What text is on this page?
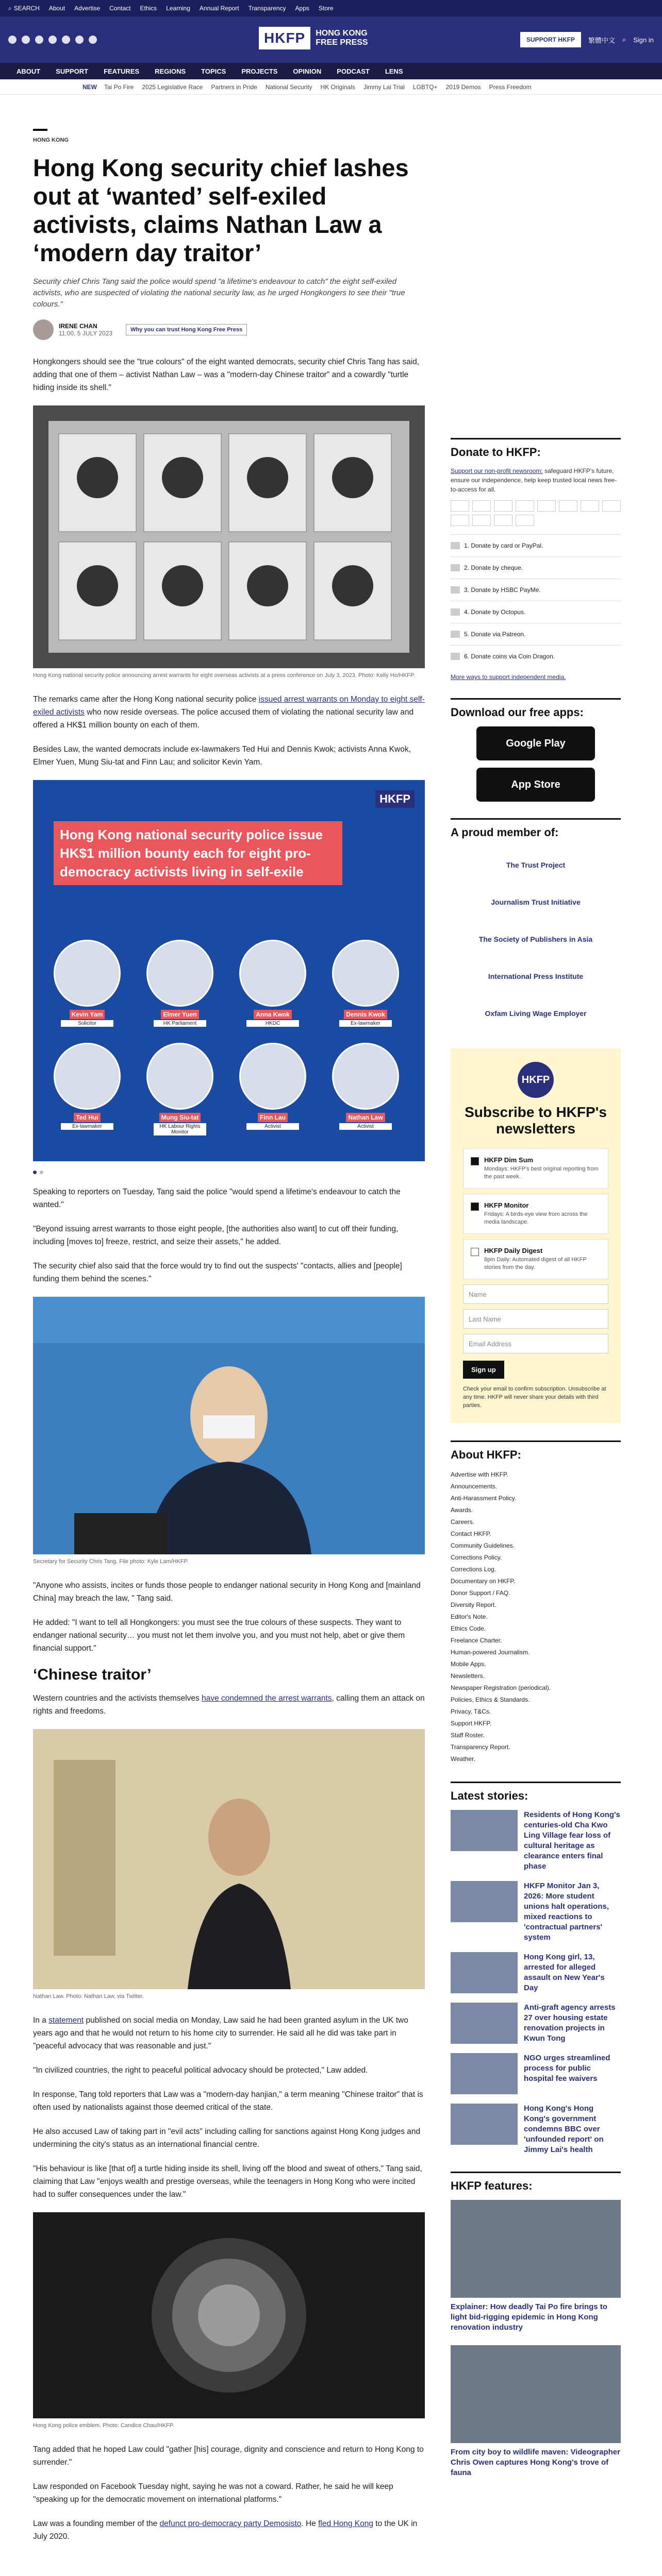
⌕ SEARCH About Advertise Contact Ethics Learning Annual Report Transparency Apps Store
HKFP	HONG KONG
FREE PRESS	SUPPORT HKFP	繁體中文 ⌕ Sign in
ABOUT SUPPORT FEATURES REGIONS TOPICS PROJECTS OPINION PODCAST LENS
NEW Tai Po Fire 2025 Legislative Race Partners in Pride National Security HK Originals Jimmy Lai Trial LGBTQ+ 2019 Demos Press Freedom
HONG KONG
Hong Kong security chief lashes out at ‘wanted’ self-exiled activists, claims Nathan Law a ‘modern day traitor’
Security chief Chris Tang said the police would spend "a lifetime's endeavour to catch" the eight self-exiled activists, who are suspected of violating the national security law, as he urged Hongkongers to see their "true colours."
IRENE CHAN
11:00, 5 JULY 2023	Why you can trust Hong Kong Free Press

Hongkongers should see the "true colours" of the eight wanted democrats, security chief Chris Tang has said, adding that one of them – activist Nathan Law – was a "modern-day Chinese traitor" and a cowardly "turtle hiding inside its shell."

Hong Kong national security police announcing arrest warrants for eight overseas activists at a press conference on July 3, 2023. Photo: Kelly Ho/HKFP.

The remarks came after the Hong Kong national security police issued arrest warrants on Monday to eight self-exiled activists who now reside overseas. The police accused them of violating the national security law and offered a HK$1 million bounty on each of them.

Besides Law, the wanted democrats include ex-lawmakers Ted Hui and Dennis Kwok; activists Anna Kwok, Elmer Yuen, Mung Siu-tat and Finn Lau; and solicitor Kevin Yam.

HKFP
Hong Kong national security police issue HK$1 million bounty each for eight pro-democracy activists living in self-exile
Kevin Yam
Solicitor
Elmer Yuen
HK Parliament
Anna Kwok
HKDC
Dennis Kwok
Ex-lawmaker
Ted Hui
Ex-lawmaker
Mung Siu-tat
HK Labour Rights Monitor
Finn Lau
Activist
Nathan Law
Activist

Speaking to reporters on Tuesday, Tang said the police "would spend a lifetime's endeavour to catch the wanted."

"Beyond issuing arrest warrants to those eight people, [the authorities also want] to cut off their funding, including [moves to] freeze, restrict, and seize their assets," he added.

The security chief also said that the force would try to find out the suspects' "contacts, allies and [people] funding them behind the scenes."

Secretary for Security Chris Tang. File photo: Kyle Lam/HKFP.

"Anyone who assists, incites or funds those people to endanger national security in Hong Kong and [mainland China] may breach the law, " Tang said.

He added: "I want to tell all Hongkongers: you must see the true colours of these suspects. They want to endanger national security… you must not let them involve you, and you must not help, abet or give them financial support."

‘Chinese traitor’

Western countries and the activists themselves have condemned the arrest warrants, calling them an attack on rights and freedoms.

Nathan Law. Photo: Nathan Law, via Twitter.

In a statement published on social media on Monday, Law said he had been granted asylum in the UK two years ago and that he would not return to his home city to surrender. He said all he did was take part in "peaceful advocacy that was reasonable and just."

"In civilized countries, the right to peaceful political advocacy should be protected," Law added.

In response, Tang told reporters that Law was a "modern-day hanjian," a term meaning "Chinese traitor" that is often used by nationalists against those deemed critical of the state.

He also accused Law of taking part in "evil acts" including calling for sanctions against Hong Kong judges and undermining the city's status as an international financial centre.

"His behaviour is like [that of] a turtle hiding inside its shell, living off the blood and sweat of others," Tang said, claiming that Law "enjoys wealth and prestige overseas, while the teenagers in Hong Kong who were incited had to suffer consequences under the law."

Hong Kong police emblem. Photo: Candice Chau/HKFP.

Tang added that he hoped Law could "gather [his] courage, dignity and conscience and return to Hong Kong to surrender."

Law responded on Facebook Tuesday night, saying he was not a coward. Rather, he said he will keep "speaking up for the democratic movement on international platforms."

Law was a founding member of the defunct pro-democracy party Demosisto. He fled Hong Kong to the UK in July 2020.

Donate to HKFP:
Support our non-profit newsroom: safeguard HKFP's future, ensure our independence, help keep trusted local news free-to-access for all.
1. Donate by card or PayPal.
2. Donate by cheque.
3. Donate by HSBC PayMe.
4. Donate by Octopus.
5. Donate via Patreon.
6. Donate coins via Coin Dragon.
More ways to support independent media.
Download our free apps:
Google Play
App Store
A proud member of:
The Trust Project
Journalism Trust Initiative
The Society of Publishers in Asia
International Press Institute
Oxfam Living Wage Employer
HKFP
Subscribe to HKFP's newsletters
HKFP Dim Sum
Mondays: HKFP's best original reporting from the past week.
HKFP Monitor
Fridays: A birds-eye view from across the media landscape.
HKFP Daily Digest
8pm Daily: Automated digest of all HKFP stories from the day.
Name
Last Name
Email Address
Sign up
Check your email to confirm subscription. Unsubscribe at any time. HKFP will never share your details with third parties.
About HKFP:
Advertise with HKFP.
Announcements.
Anti-Harassment Policy.
Awards.
Careers.
Contact HKFP.
Community Guidelines.
Corrections Policy.
Corrections Log.
Documentary on HKFP.
Donor Support / FAQ.
Diversity Report.
Editor's Note.
Ethics Code.
Freelance Charter.
Human-powered Journalism.
Mobile Apps.
Newsletters.
Newspaper Registration (periodical).
Policies, Ethics & Standards.
Privacy, T&Cs.
Support HKFP.
Staff Roster.
Transparency Report.
Weather.
Latest stories:
Residents of Hong Kong's centuries-old Cha Kwo Ling Village fear loss of cultural heritage as clearance enters final phase
HKFP Monitor Jan 3, 2026: More student unions halt operations, mixed reactions to 'contractual partners' system
Hong Kong girl, 13, arrested for alleged assault on New Year's Day
Anti-graft agency arrests 27 over housing estate renovation projects in Kwun Tong
NGO urges streamlined process for public hospital fee waivers
Hong Kong's Hong Kong's government condemns BBC over 'unfounded report' on Jimmy Lai's health
HKFP features:
Explainer: How deadly Tai Po fire brings to light bid-rigging epidemic in Hong Kong renovation industry
From city boy to wildlife maven: Videographer Chris Owen captures Hong Kong's trove of fauna
